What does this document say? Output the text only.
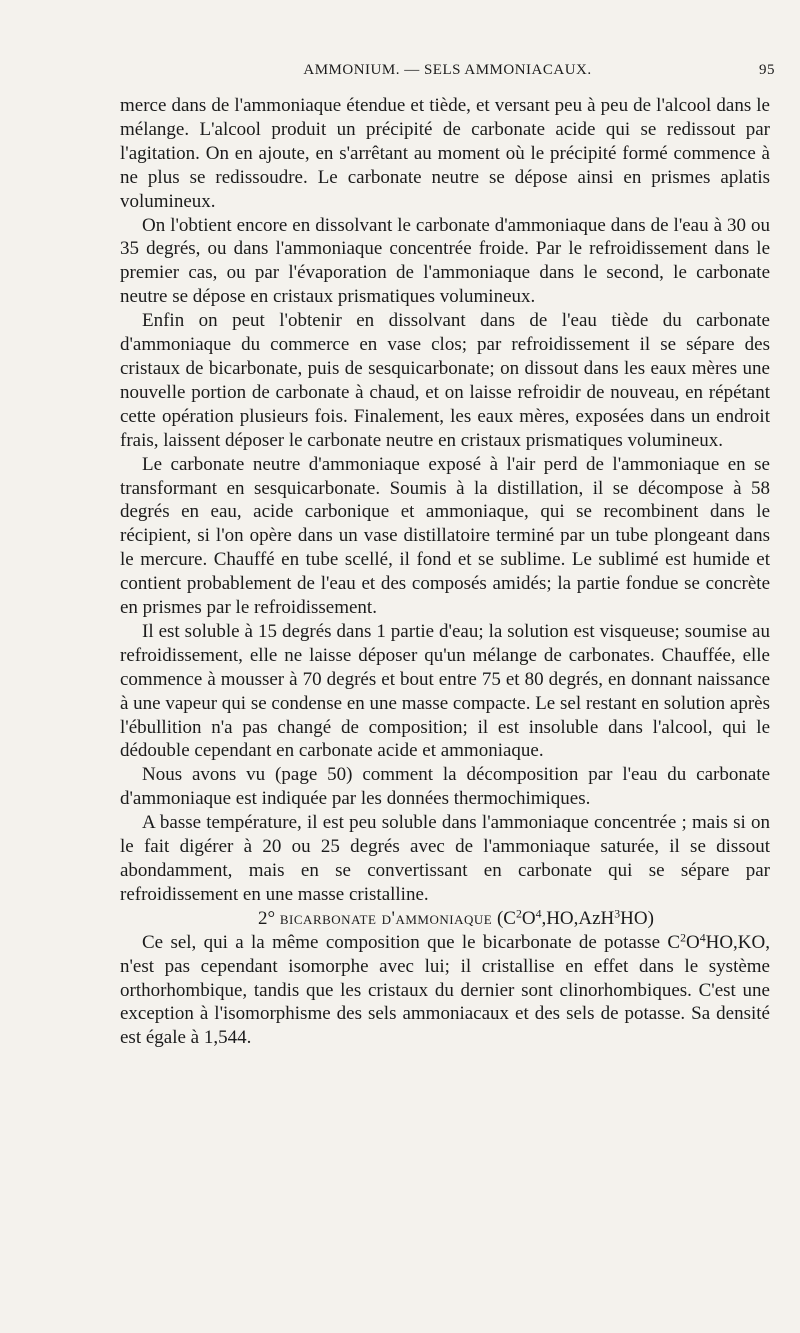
AMMONIUM. — SELS AMMONIACAUX.	95

merce dans de l'ammoniaque étendue et tiède, et versant peu à peu de l'alcool dans le mélange. L'alcool produit un précipité de carbonate acide qui se redissout par l'agitation. On en ajoute, en s'arrêtant au moment où le précipité formé commence à ne plus se redissoudre. Le carbonate neutre se dépose ainsi en prismes aplatis volumineux.

On l'obtient encore en dissolvant le carbonate d'ammoniaque dans de l'eau à 30 ou 35 degrés, ou dans l'ammoniaque concentrée froide. Par le refroidissement dans le premier cas, ou par l'évaporation de l'ammoniaque dans le second, le carbonate neutre se dépose en cristaux prismatiques volumineux.

Enfin on peut l'obtenir en dissolvant dans de l'eau tiède du carbonate d'ammoniaque du commerce en vase clos; par refroidissement il se sépare des cristaux de bicarbonate, puis de sesquicarbonate; on dissout dans les eaux mères une nouvelle portion de carbonate à chaud, et on laisse refroidir de nouveau, en répétant cette opération plusieurs fois. Finalement, les eaux mères, exposées dans un endroit frais, laissent déposer le carbonate neutre en cristaux prismatiques volumineux.

Le carbonate neutre d'ammoniaque exposé à l'air perd de l'ammoniaque en se transformant en sesquicarbonate. Soumis à la distillation, il se décompose à 58 degrés en eau, acide carbonique et ammoniaque, qui se recombinent dans le récipient, si l'on opère dans un vase distillatoire terminé par un tube plongeant dans le mercure. Chauffé en tube scellé, il fond et se sublime. Le sublimé est humide et contient probablement de l'eau et des composés amidés; la partie fondue se concrète en prismes par le refroidissement.

Il est soluble à 15 degrés dans 1 partie d'eau; la solution est visqueuse; soumise au refroidissement, elle ne laisse déposer qu'un mélange de carbonates. Chauffée, elle commence à mousser à 70 degrés et bout entre 75 et 80 degrés, en donnant naissance à une vapeur qui se condense en une masse compacte. Le sel restant en solution après l'ébullition n'a pas changé de composition; il est insoluble dans l'alcool, qui le dédouble cependant en carbonate acide et ammoniaque.

Nous avons vu (page 50) comment la décomposition par l'eau du carbonate d'ammoniaque est indiquée par les données thermochimiques.

A basse température, il est peu soluble dans l'ammoniaque concentrée ; mais si on le fait digérer à 20 ou 25 degrés avec de l'ammoniaque saturée, il se dissout abondamment, mais en se convertissant en carbonate qui se sépare par refroidissement en une masse cristalline.

2° bicarbonate d'ammoniaque $(C^2O^4,HO,AzH^3HO)$

Ce sel, qui a la même composition que le bicarbonate de potasse $C^2O^4HO,KO$, n'est pas cependant isomorphe avec lui; il cristallise en effet dans le système orthorhombique, tandis que les cristaux du dernier sont clinorhombiques. C'est une exception à l'isomorphisme des sels ammoniacaux et des sels de potasse. Sa densité est égale à 1,544.
